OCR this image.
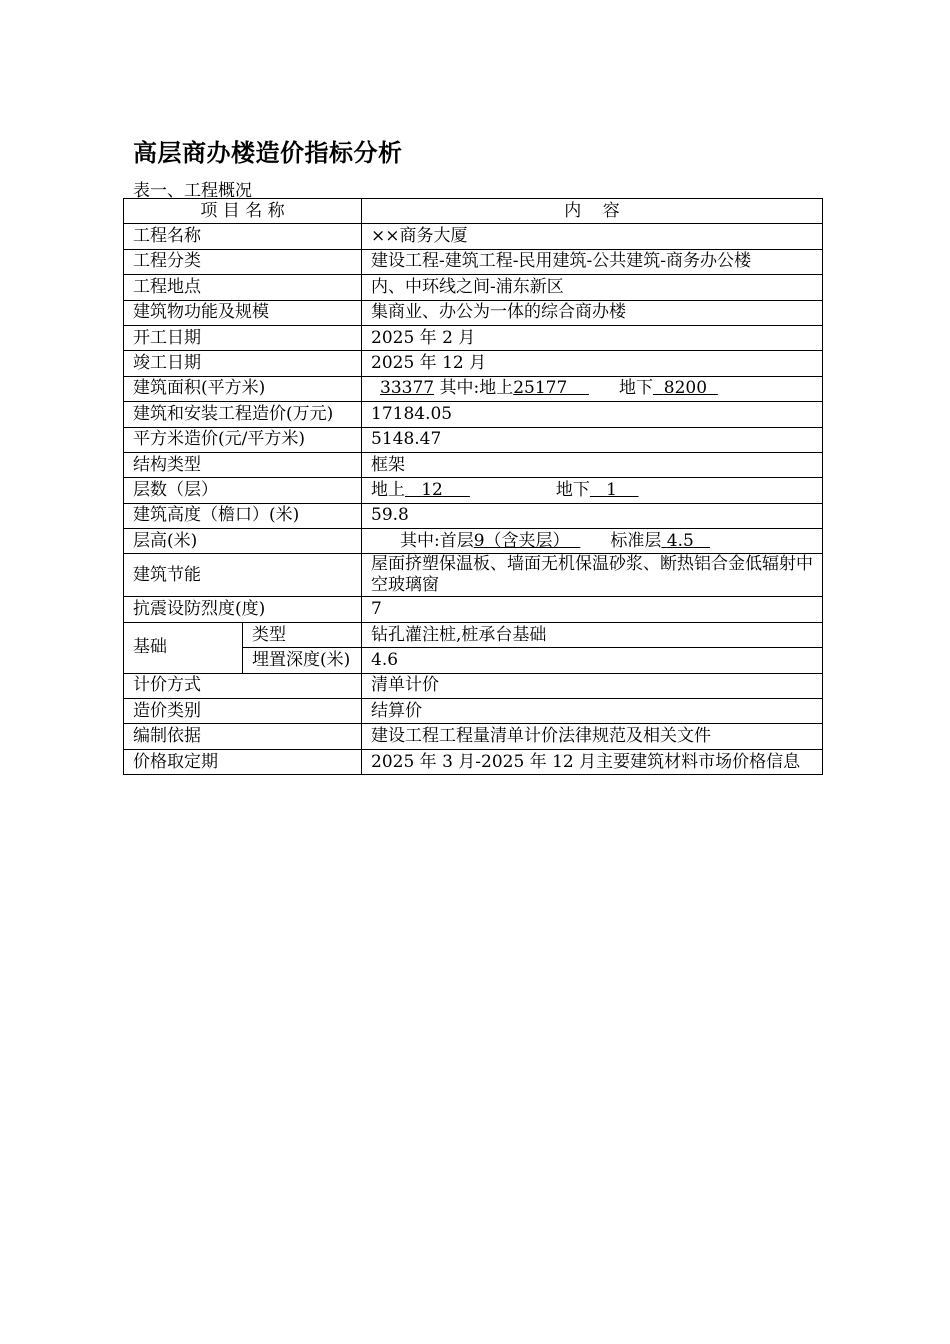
高层商办楼造价指标分析
表一、工程概况
项 目 名 称		内    容
工程名称		××商务大厦
工程分类		建设工程-建筑工程-民用建筑-公共建筑-商务办公楼
工程地点		内、中环线之间-浦东新区
建筑物功能及规模		集商业、办公为一体的综合商办楼
开工日期		2025 年 2 月
竣工日期		2025 年 12 月
建筑面积(平方米)		33377 其中:地上25177 地下 8200
建筑和安装工程造价(万元)		17184.05
平方米造价(元/平方米)		5148.47
结构类型		框架
层数（层）		地上 12 地下 1
建筑高度（檐口）(米)		59.8
层高(米)		其中:首层9（含夹层） 标准层 4.5
建筑节能		屋面挤塑保温板、墙面无机保温砂浆、断热铝合金低辐射中空玻璃窗
抗震设防烈度(度)		7
基础	类型	钻孔灌注桩,桩承台基础
	埋置深度(米)	4.6
计价方式		清单计价
造价类别		结算价
编制依据		建设工程工程量清单计价法律规范及相关文件
价格取定期		2025 年 3 月-2025 年 12 月主要建筑材料市场价格信息
